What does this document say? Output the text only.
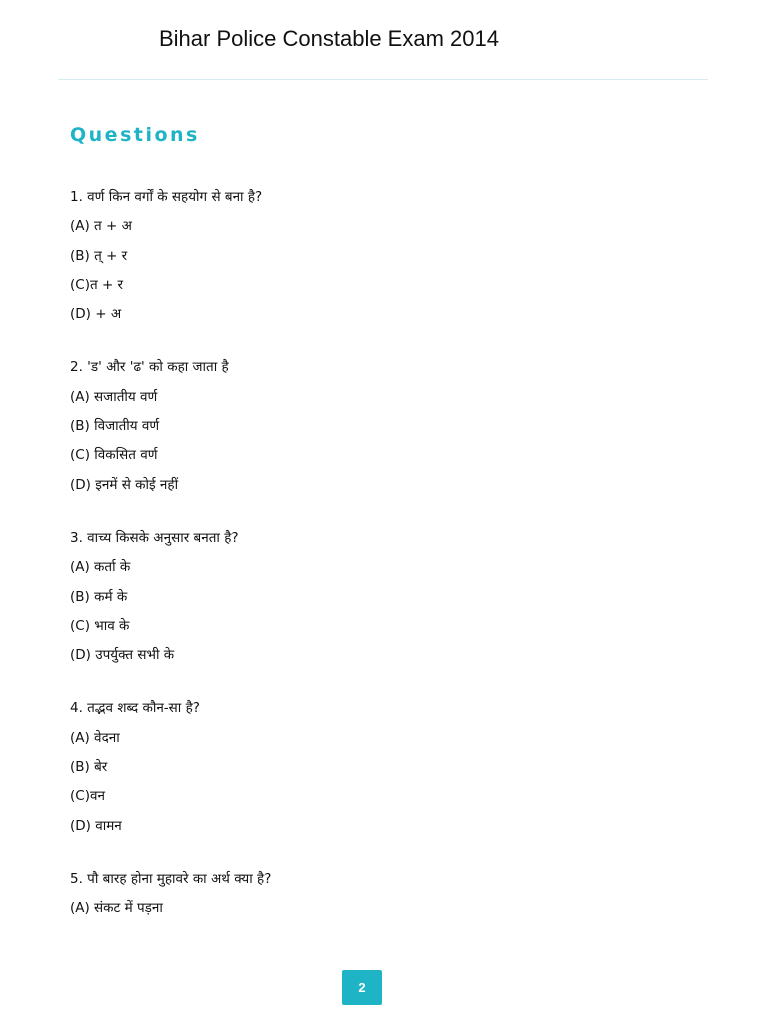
Bihar Police Constable Exam 2014
Questions
1. वर्ण किन वर्गों के सहयोग से बना है?
(A) त + अ
(B) त् + र
(C)त + र
(D) + अ
2. 'ड' और 'ढ' को कहा जाता है
(A) सजातीय वर्ण
(B) विजातीय वर्ण
(C) विकसित वर्ण
(D) इनमें से कोई नहीं
3. वाच्य किसके अनुसार बनता है?
(A) कर्ता के
(B) कर्म के
(C) भाव के
(D) उपर्युक्त सभी के
4. तद्भव शब्द कौन-सा है?
(A) वेदना
(B) बेर
(C)वन
(D) वामन
5. पौ बारह होना मुहावरे का अर्थ क्या है?
(A) संकट में पड़ना
2
